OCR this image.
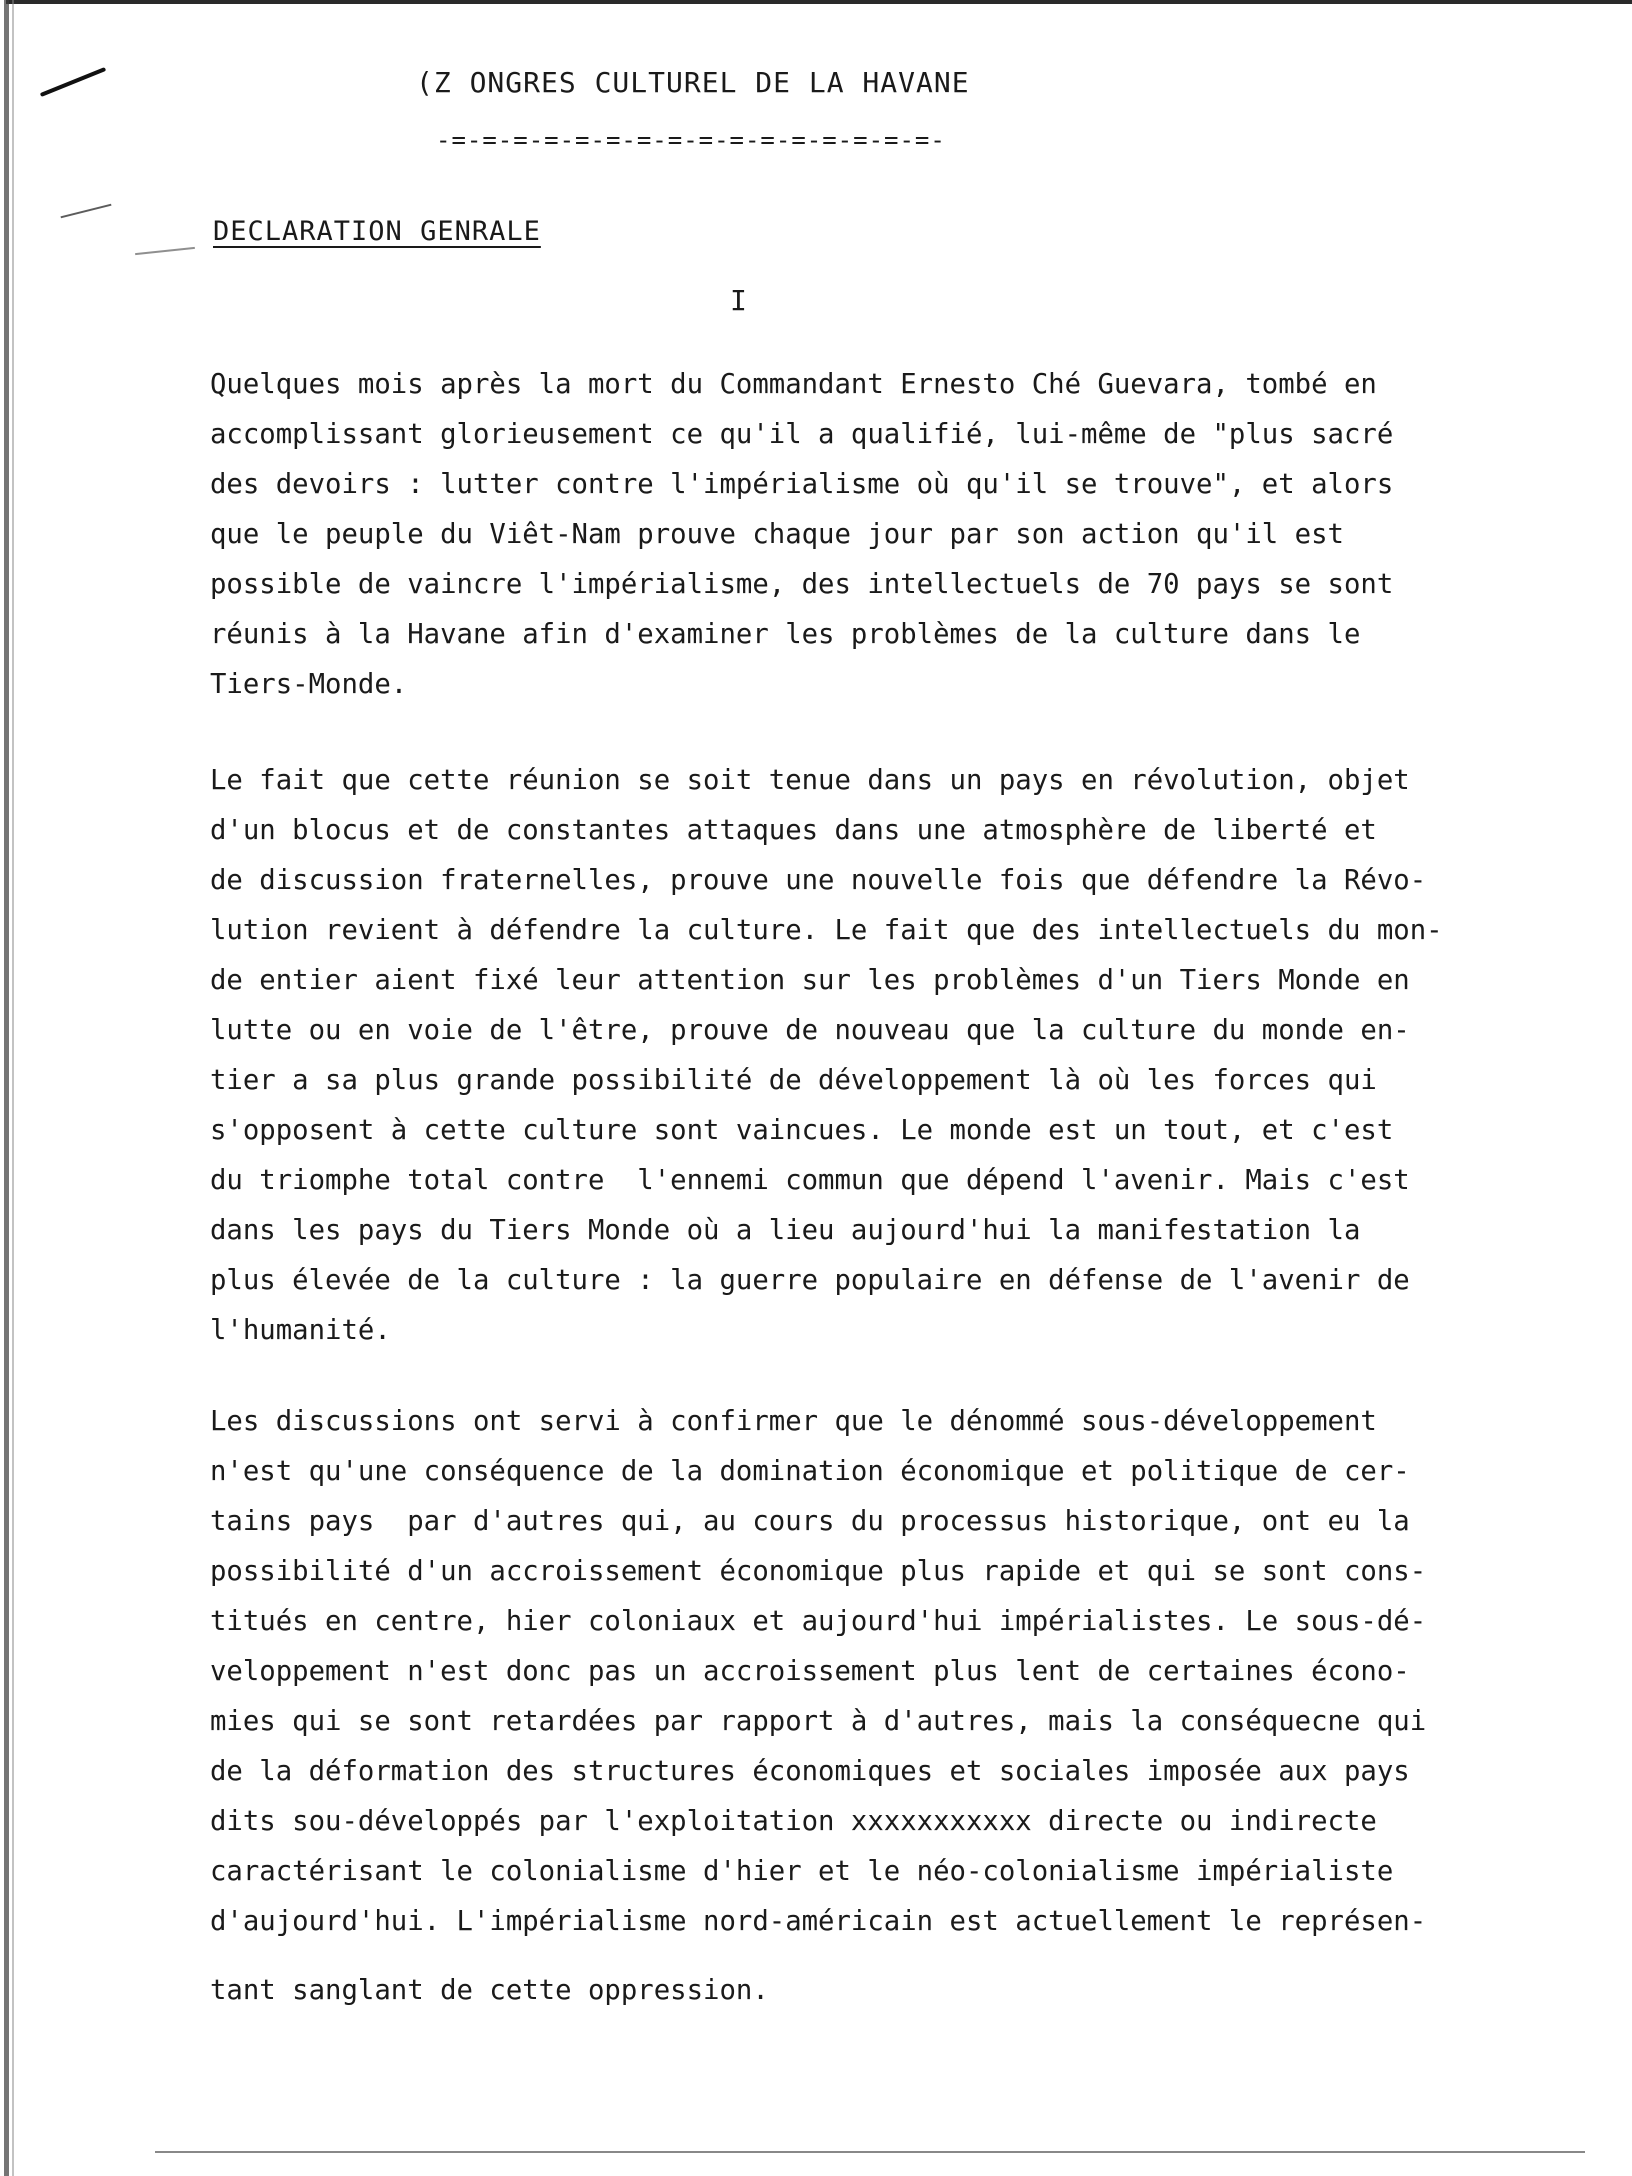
(Z ONGRES CULTUREL DE LA HAVANE
-=-=-=-=-=-=-=-=-=-=-=-=-=-=-=-=-
DECLARATION GENRALE
I
Quelques mois après la mort du Commandant Ernesto Ché Guevara, tombé en
accomplissant glorieusement ce qu'il a qualifié, lui-même de "plus sacré
des devoirs : lutter contre l'impérialisme où qu'il se trouve", et alors
que le peuple du Viêt-Nam prouve chaque jour par son action qu'il est
possible de vaincre l'impérialisme, des intellectuels de 70 pays se sont
réunis à la Havane afin d'examiner les problèmes de la culture dans le
Tiers-Monde.
Le fait que cette réunion se soit tenue dans un pays en révolution, objet
d'un blocus et de constantes attaques dans une atmosphère de liberté et
de discussion fraternelles, prouve une nouvelle fois que défendre la Révo-
lution revient à défendre la culture. Le fait que des intellectuels du mon-
de entier aient fixé leur attention sur les problèmes d'un Tiers Monde en
lutte ou en voie de l'être, prouve de nouveau que la culture du monde en-
tier a sa plus grande possibilité de développement là où les forces qui
s'opposent à cette culture sont vaincues. Le monde est un tout, et c'est
du triomphe total contre  l'ennemi commun que dépend l'avenir. Mais c'est
dans les pays du Tiers Monde où a lieu aujourd'hui la manifestation la
plus élevée de la culture : la guerre populaire en défense de l'avenir de
l'humanité.
Les discussions ont servi à confirmer que le dénommé sous-développement
n'est qu'une conséquence de la domination économique et politique de cer-
tains pays  par d'autres qui, au cours du processus historique, ont eu la
possibilité d'un accroissement économique plus rapide et qui se sont cons-
titués en centre, hier coloniaux et aujourd'hui impérialistes. Le sous-dé-
veloppement n'est donc pas un accroissement plus lent de certaines écono-
mies qui se sont retardées par rapport à d'autres, mais la conséquecne qui
de la déformation des structures économiques et sociales imposée aux pays
dits sou-développés par l'exploitation xxxxxxxxxxx directe ou indirecte
caractérisant le colonialisme d'hier et le néo-colonialisme impérialiste
d'aujourd'hui. L'impérialisme nord-américain est actuellement le représen-
tant sanglant de cette oppression.
